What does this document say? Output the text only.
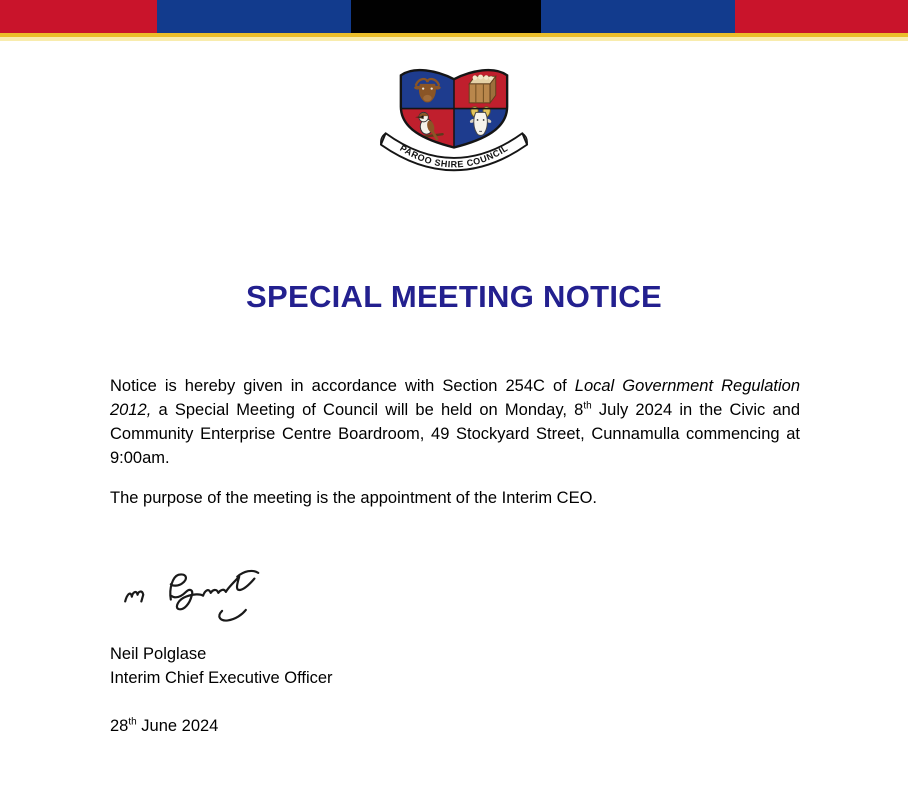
PAROO SHIRE COUNCIL
SPECIAL MEETING NOTICE

Notice is hereby given in accordance with Section 254C of Local Government Regulation 2012, a Special Meeting of Council will be held on Monday, 8th July 2024 in the Civic and Community Enterprise Centre Boardroom, 49 Stockyard Street, Cunnamulla commencing at 9:00am.

The purpose of the meeting is the appointment of the Interim CEO.

Neil Polglase
Interim Chief Executive Officer

28th June 2024
